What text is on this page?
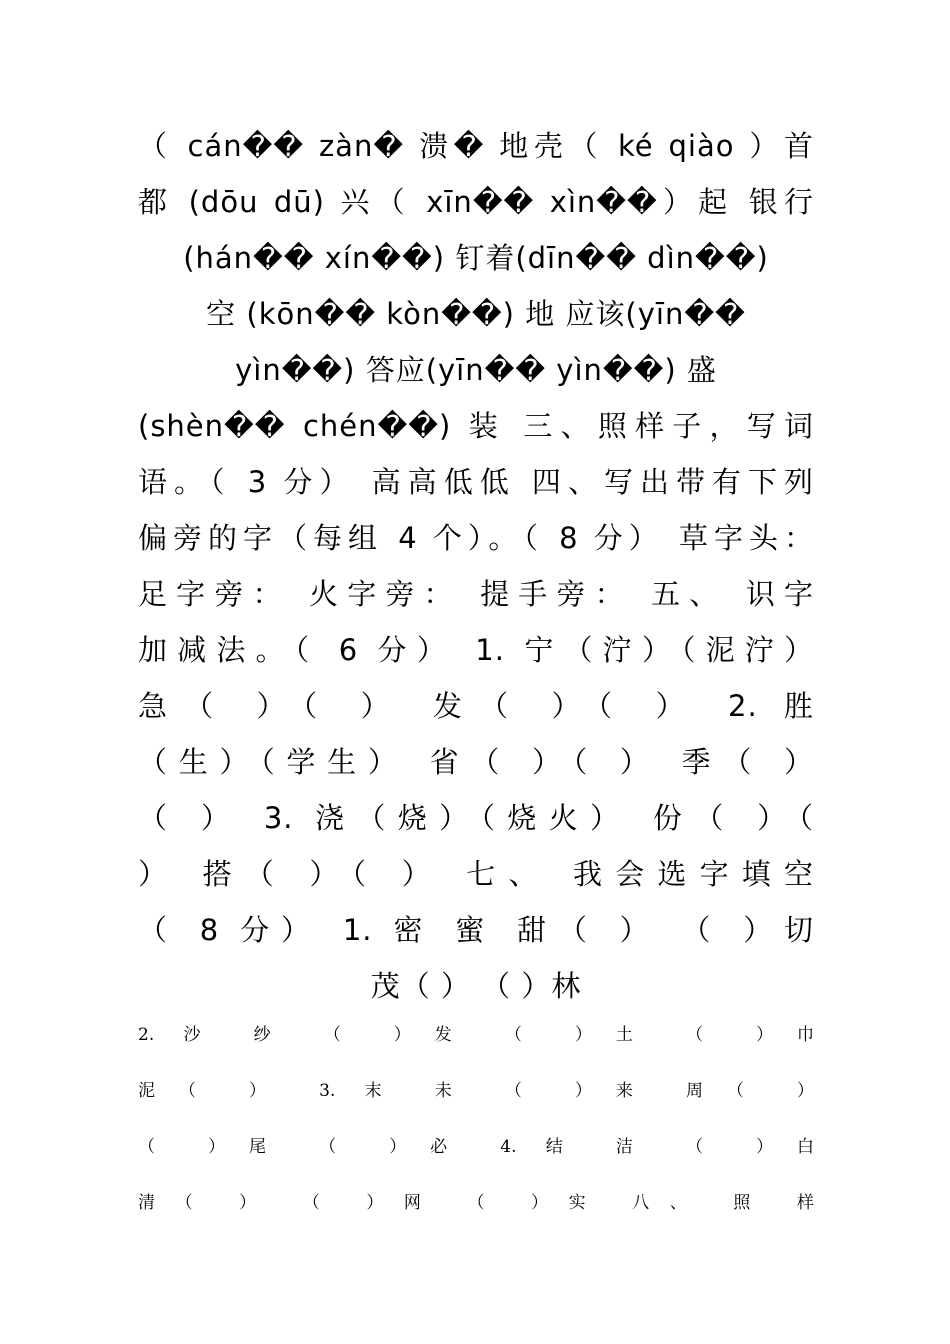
（ cán�� zàn� 溃� 地壳（ ké qiào ）首
都 (dōu dū) 兴（ xīn�� xìn��）起 银行
(hán�� xín��) 钉着(dīn�� dìn��)
空 (kōn�� kòn��) 地 应该(yīn��
yìn��) 答应(yīn�� yìn��) 盛
(shèn�� chén��) 装 三、照样子，写词
语。（ 3 分） 高高低低 四、写出带有下列
偏旁的字（每组 4 个）。（ 8 分） 草字头：
足字旁： 火字旁： 提手旁： 五、 识字
加减法。（ 6 分） 1. 宁（泞）（泥泞）
急（ ）（ ） 发（ ）（ ） 2. 胜
（生）（学生） 省（ ）（ ） 季（ ）
（ ） 3. 浇（烧）（烧火） 份（ ）（
） 搭（ ）（ ） 七、 我会选字填空
（ 8 分） 1. 密 蜜 甜（ ） （ ）切
茂（ ） （ ）林
2. 沙 纱 （ ）发 （ ）土 （ ）巾
泥（ ） 3. 末 未 （ ）来 周（ ）
（ ）尾 （ ）必 4. 结 洁 （ ）白
清（ ） （ ）网 （ ）实 八、 照 样
